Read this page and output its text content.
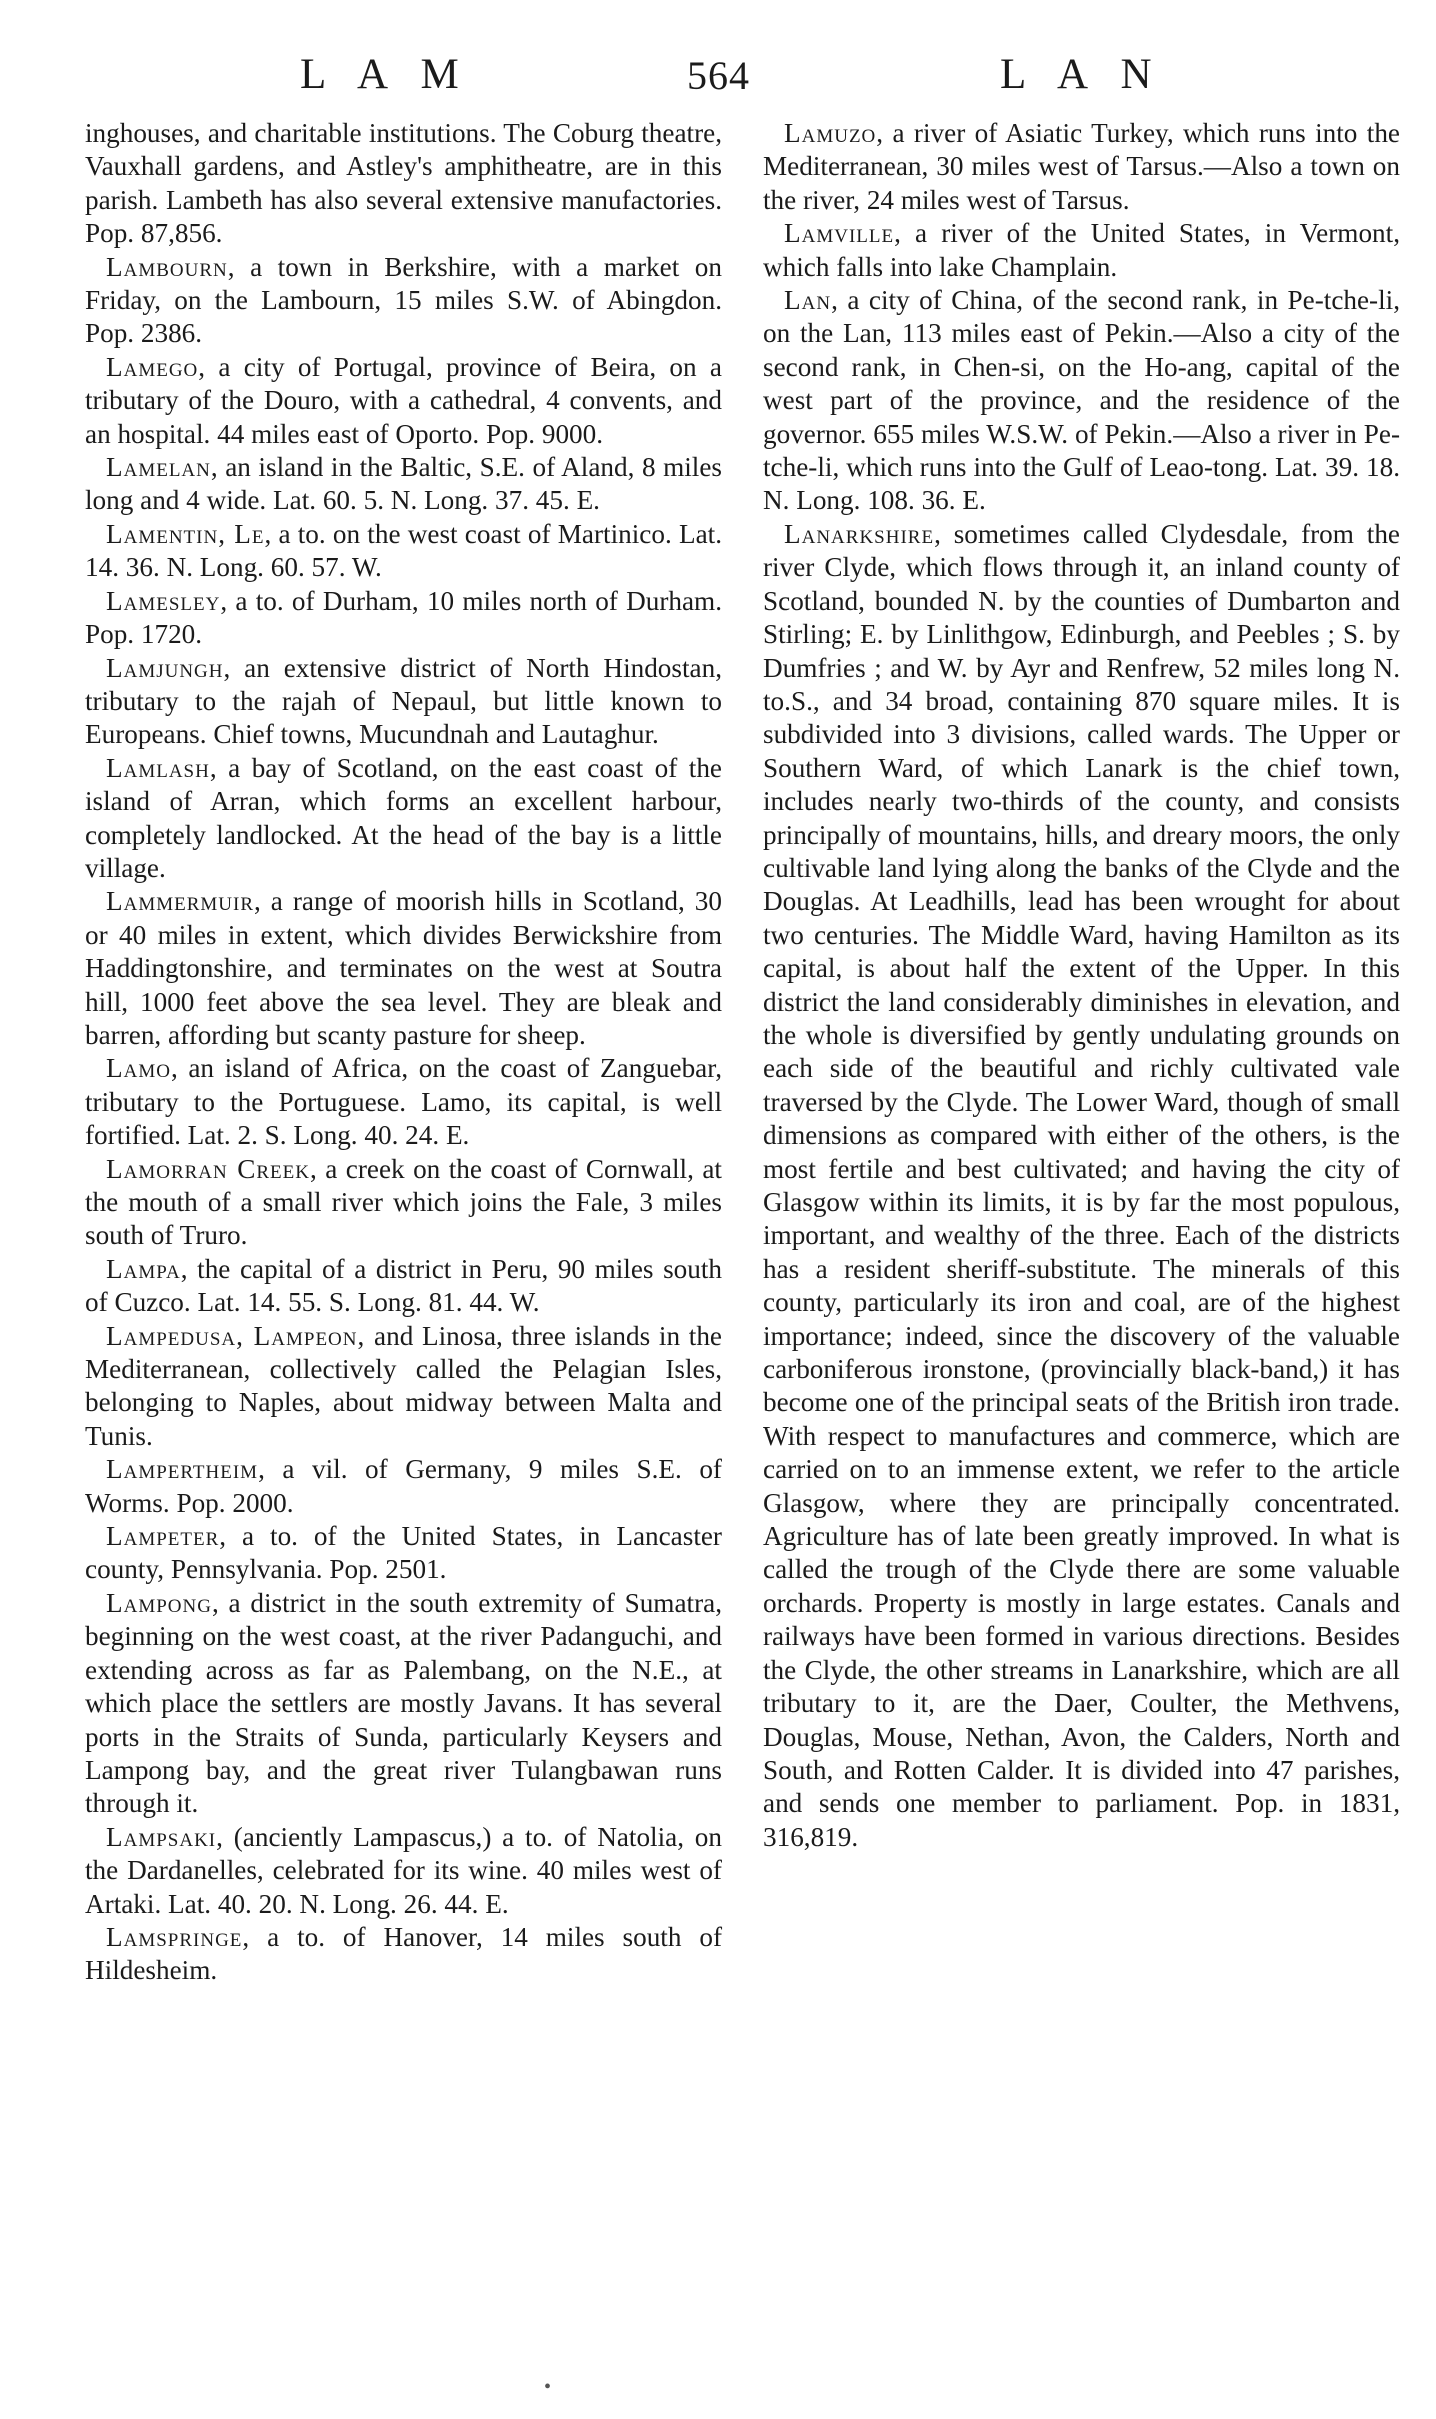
L A M	564	L A N

inghouses, and charitable institutions. The Coburg theatre, Vauxhall gardens, and Astley's amphitheatre, are in this parish. Lambeth has also several extensive manufactories. Pop. 87,856.

Lambourn, a town in Berkshire, with a market on Friday, on the Lambourn, 15 miles S.W. of Abingdon. Pop. 2386.

Lamego, a city of Portugal, province of Beira, on a tributary of the Douro, with a cathedral, 4 convents, and an hospital. 44 miles east of Oporto. Pop. 9000.

Lamelan, an island in the Baltic, S.E. of Aland, 8 miles long and 4 wide. Lat. 60. 5. N. Long. 37. 45. E.

Lamentin, Le, a to. on the west coast of Martinico. Lat. 14. 36. N. Long. 60. 57. W.

Lamesley, a to. of Durham, 10 miles north of Durham. Pop. 1720.

Lamjungh, an extensive district of North Hindostan, tributary to the rajah of Nepaul, but little known to Europeans. Chief towns, Mucundnah and Lautaghur.

Lamlash, a bay of Scotland, on the east coast of the island of Arran, which forms an excellent harbour, completely landlocked. At the head of the bay is a little village.

Lammermuir, a range of moorish hills in Scotland, 30 or 40 miles in extent, which divides Berwickshire from Haddingtonshire, and terminates on the west at Soutra hill, 1000 feet above the sea level. They are bleak and barren, affording but scanty pasture for sheep.

Lamo, an island of Africa, on the coast of Zanguebar, tributary to the Portuguese. Lamo, its capital, is well fortified. Lat. 2. S. Long. 40. 24. E.

Lamorran Creek, a creek on the coast of Cornwall, at the mouth of a small river which joins the Fale, 3 miles south of Truro.

Lampa, the capital of a district in Peru, 90 miles south of Cuzco. Lat. 14. 55. S. Long. 81. 44. W.

Lampedusa, Lampeon, and Linosa, three islands in the Mediterranean, collectively called the Pelagian Isles, belonging to Naples, about midway between Malta and Tunis.

Lampertheim, a vil. of Germany, 9 miles S.E. of Worms. Pop. 2000.

Lampeter, a to. of the United States, in Lancaster county, Pennsylvania. Pop. 2501.

Lampong, a district in the south extremity of Sumatra, beginning on the west coast, at the river Padanguchi, and extending across as far as Palembang, on the N.E., at which place the settlers are mostly Javans. It has several ports in the Straits of Sunda, particularly Keysers and Lampong bay, and the great river Tulangbawan runs through it.

Lampsaki, (anciently Lampascus,) a to. of Natolia, on the Dardanelles, celebrated for its wine. 40 miles west of Artaki. Lat. 40. 20. N. Long. 26. 44. E.

Lamspringe, a to. of Hanover, 14 miles south of Hildesheim.

Lamuzo, a river of Asiatic Turkey, which runs into the Mediterranean, 30 miles west of Tarsus.—Also a town on the river, 24 miles west of Tarsus.

Lamville, a river of the United States, in Vermont, which falls into lake Champlain.

Lan, a city of China, of the second rank, in Pe-tche-li, on the Lan, 113 miles east of Pekin.—Also a city of the second rank, in Chen-si, on the Ho-ang, capital of the west part of the province, and the residence of the governor. 655 miles W.S.W. of Pekin.—Also a river in Pe-tche-li, which runs into the Gulf of Leao-tong. Lat. 39. 18. N. Long. 108. 36. E.

Lanarkshire, sometimes called Clydesdale, from the river Clyde, which flows through it, an inland county of Scotland, bounded N. by the counties of Dumbarton and Stirling; E. by Linlithgow, Edinburgh, and Peebles ; S. by Dumfries ; and W. by Ayr and Renfrew, 52 miles long N. to.S., and 34 broad, containing 870 square miles. It is subdivided into 3 divisions, called wards. The Upper or Southern Ward, of which Lanark is the chief town, includes nearly two-thirds of the county, and consists principally of mountains, hills, and dreary moors, the only cultivable land lying along the banks of the Clyde and the Douglas. At Leadhills, lead has been wrought for about two centuries. The Middle Ward, having Hamilton as its capital, is about half the extent of the Upper. In this district the land considerably diminishes in elevation, and the whole is diversified by gently undulating grounds on each side of the beautiful and richly cultivated vale traversed by the Clyde. The Lower Ward, though of small dimensions as compared with either of the others, is the most fertile and best cultivated; and having the city of Glasgow within its limits, it is by far the most populous, important, and wealthy of the three. Each of the districts has a resident sheriff-substitute. The minerals of this county, particularly its iron and coal, are of the highest importance; indeed, since the discovery of the valuable carboniferous ironstone, (provincially black-band,) it has become one of the principal seats of the British iron trade. With respect to manufactures and commerce, which are carried on to an immense extent, we refer to the article Glasgow, where they are principally concentrated. Agriculture has of late been greatly improved. In what is called the trough of the Clyde there are some valuable orchards. Property is mostly in large estates. Canals and railways have been formed in various directions. Besides the Clyde, the other streams in Lanarkshire, which are all tributary to it, are the Daer, Coulter, the Methvens, Douglas, Mouse, Nethan, Avon, the Calders, North and South, and Rotten Calder. It is divided into 47 parishes, and sends one member to parliament. Pop. in 1831, 316,819.

•
